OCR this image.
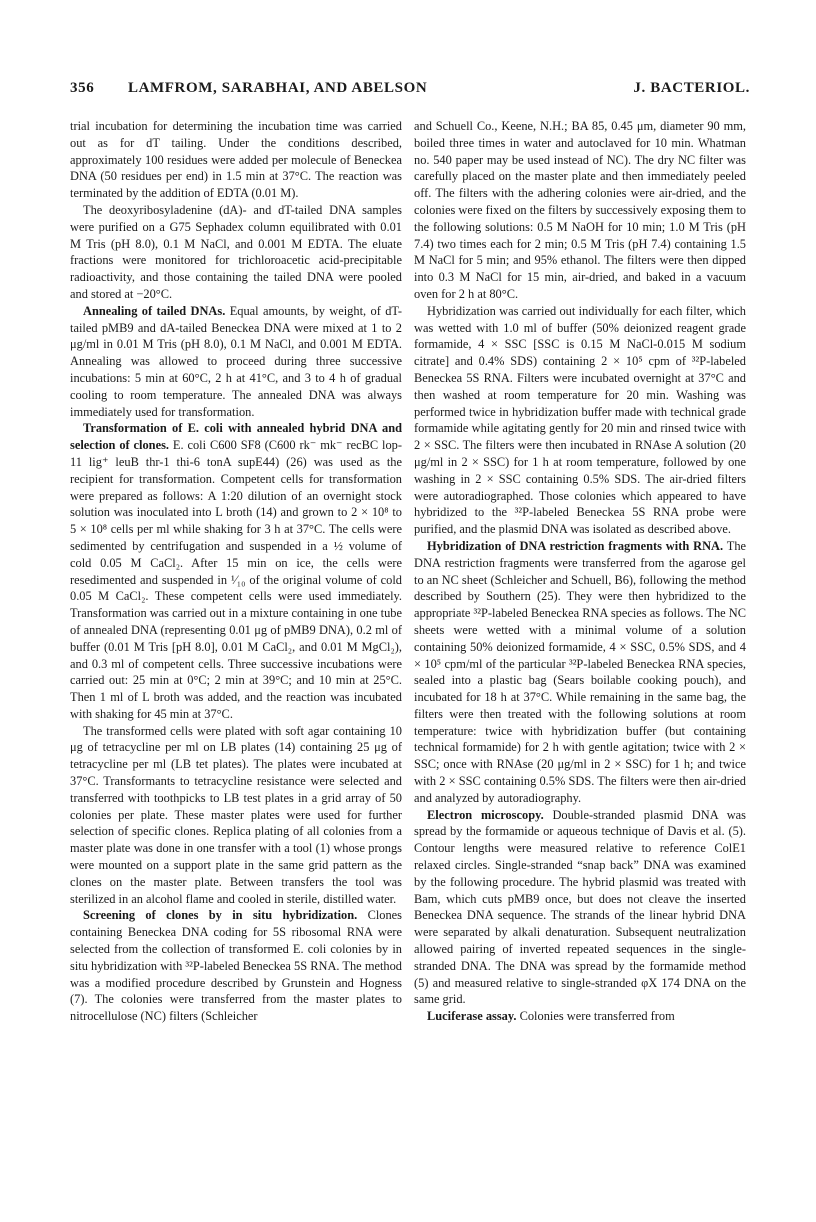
356 LAMFROM, SARABHAI, AND ABELSON	J. BACTERIOL.

trial incubation for determining the incubation time was carried out as for dT tailing. Under the conditions described, approximately 100 residues were added per molecule of Beneckea DNA (50 residues per end) in 1.5 min at 37°C. The reaction was terminated by the addition of EDTA (0.01 M).

The deoxyribosyladenine (dA)- and dT-tailed DNA samples were purified on a G75 Sephadex column equilibrated with 0.01 M Tris (pH 8.0), 0.1 M NaCl, and 0.001 M EDTA. The eluate fractions were monitored for trichloroacetic acid-precipitable radioactivity, and those containing the tailed DNA were pooled and stored at −20°C.

Annealing of tailed DNAs. Equal amounts, by weight, of dT-tailed pMB9 and dA-tailed Beneckea DNA were mixed at 1 to 2 μg/ml in 0.01 M Tris (pH 8.0), 0.1 M NaCl, and 0.001 M EDTA. Annealing was allowed to proceed during three successive incubations: 5 min at 60°C, 2 h at 41°C, and 3 to 4 h of gradual cooling to room temperature. The annealed DNA was always immediately used for transformation.

Transformation of E. coli with annealed hybrid DNA and selection of clones. E. coli C600 SF8 (C600 rk⁻ mk⁻ recBC lop-11 lig⁺ leuB thr-1 thi-6 tonA supE44) (26) was used as the recipient for transformation. Competent cells for transformation were prepared as follows: A 1:20 dilution of an overnight stock solution was inoculated into L broth (14) and grown to 2 × 10⁸ to 5 × 10⁸ cells per ml while shaking for 3 h at 37°C. The cells were sedimented by centrifugation and suspended in a ½ volume of cold 0.05 M CaCl₂. After 15 min on ice, the cells were resedimented and suspended in ¹⁄₁₀ of the original volume of cold 0.05 M CaCl₂. These competent cells were used immediately. Transformation was carried out in a mixture containing in one tube of annealed DNA (representing 0.01 μg of pMB9 DNA), 0.2 ml of buffer (0.01 M Tris [pH 8.0], 0.01 M CaCl₂, and 0.01 M MgCl₂), and 0.3 ml of competent cells. Three successive incubations were carried out: 25 min at 0°C; 2 min at 39°C; and 10 min at 25°C. Then 1 ml of L broth was added, and the reaction was incubated with shaking for 45 min at 37°C.

The transformed cells were plated with soft agar containing 10 μg of tetracycline per ml on LB plates (14) containing 25 μg of tetracycline per ml (LB tet plates). The plates were incubated at 37°C. Transformants to tetracycline resistance were selected and transferred with toothpicks to LB test plates in a grid array of 50 colonies per plate. These master plates were used for further selection of specific clones. Replica plating of all colonies from a master plate was done in one transfer with a tool (1) whose prongs were mounted on a support plate in the same grid pattern as the clones on the master plate. Between transfers the tool was sterilized in an alcohol flame and cooled in sterile, distilled water.

Screening of clones by in situ hybridization. Clones containing Beneckea DNA coding for 5S ribosomal RNA were selected from the collection of transformed E. coli colonies by in situ hybridization with ³²P-labeled Beneckea 5S RNA. The method was a modified procedure described by Grunstein and Hogness (7). The colonies were transferred from the master plates to nitrocellulose (NC) filters (Schleicher

and Schuell Co., Keene, N.H.; BA 85, 0.45 μm, diameter 90 mm, boiled three times in water and autoclaved for 10 min. Whatman no. 540 paper may be used instead of NC). The dry NC filter was carefully placed on the master plate and then immediately peeled off. The filters with the adhering colonies were air-dried, and the colonies were fixed on the filters by successively exposing them to the following solutions: 0.5 M NaOH for 10 min; 1.0 M Tris (pH 7.4) two times each for 2 min; 0.5 M Tris (pH 7.4) containing 1.5 M NaCl for 5 min; and 95% ethanol. The filters were then dipped into 0.3 M NaCl for 15 min, air-dried, and baked in a vacuum oven for 2 h at 80°C.

Hybridization was carried out individually for each filter, which was wetted with 1.0 ml of buffer (50% deionized reagent grade formamide, 4 × SSC [SSC is 0.15 M NaCl-0.015 M sodium citrate] and 0.4% SDS) containing 2 × 10⁵ cpm of ³²P-labeled Beneckea 5S RNA. Filters were incubated overnight at 37°C and then washed at room temperature for 20 min. Washing was performed twice in hybridization buffer made with technical grade formamide while agitating gently for 20 min and rinsed twice with 2 × SSC. The filters were then incubated in RNAse A solution (20 μg/ml in 2 × SSC) for 1 h at room temperature, followed by one washing in 2 × SSC containing 0.5% SDS. The air-dried filters were autoradiographed. Those colonies which appeared to have hybridized to the ³²P-labeled Beneckea 5S RNA probe were purified, and the plasmid DNA was isolated as described above.

Hybridization of DNA restriction fragments with RNA. The DNA restriction fragments were transferred from the agarose gel to an NC sheet (Schleicher and Schuell, B6), following the method described by Southern (25). They were then hybridized to the appropriate ³²P-labeled Beneckea RNA species as follows. The NC sheets were wetted with a minimal volume of a solution containing 50% deionized formamide, 4 × SSC, 0.5% SDS, and 4 × 10⁵ cpm/ml of the particular ³²P-labeled Beneckea RNA species, sealed into a plastic bag (Sears boilable cooking pouch), and incubated for 18 h at 37°C. While remaining in the same bag, the filters were then treated with the following solutions at room temperature: twice with hybridization buffer (but containing technical formamide) for 2 h with gentle agitation; twice with 2 × SSC; once with RNAse (20 μg/ml in 2 × SSC) for 1 h; and twice with 2 × SSC containing 0.5% SDS. The filters were then air-dried and analyzed by autoradiography.

Electron microscopy. Double-stranded plasmid DNA was spread by the formamide or aqueous technique of Davis et al. (5). Contour lengths were measured relative to reference ColE1 relaxed circles. Single-stranded “snap back” DNA was examined by the following procedure. The hybrid plasmid was treated with Bam, which cuts pMB9 once, but does not cleave the inserted Beneckea DNA sequence. The strands of the linear hybrid DNA were separated by alkali denaturation. Subsequent neutralization allowed pairing of inverted repeated sequences in the single-stranded DNA. The DNA was spread by the formamide method (5) and measured relative to single-stranded φX 174 DNA on the same grid.

Luciferase assay. Colonies were transferred from
